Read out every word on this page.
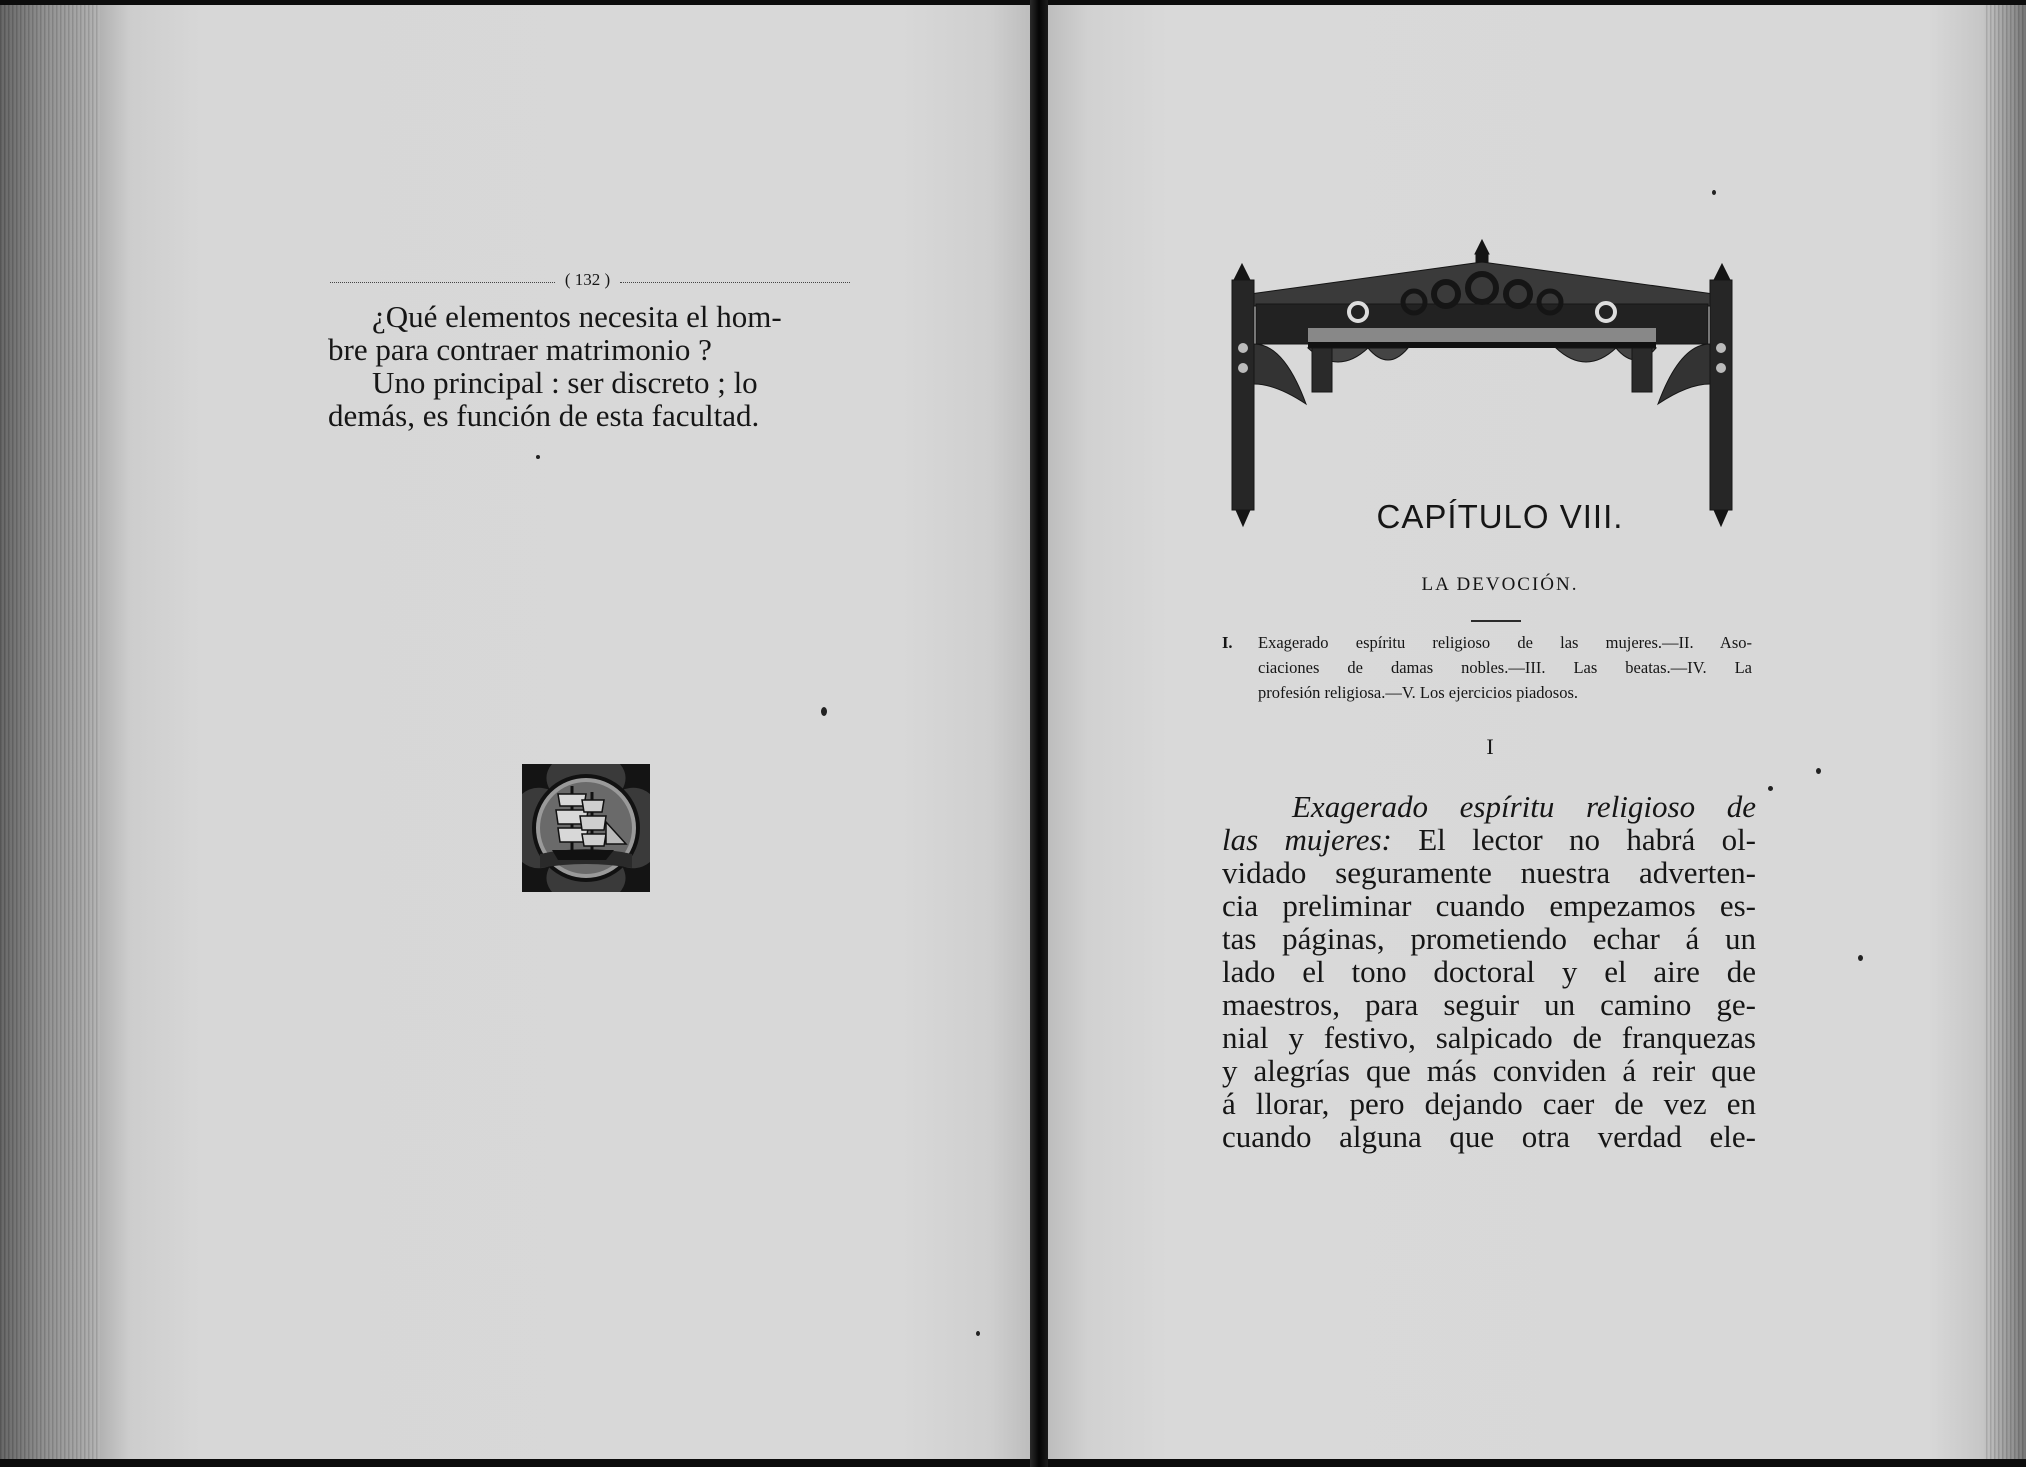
( 132 )

¿Qué elementos necesita el hom-

bre para contraer matrimonio ?

Uno principal : ser discreto ; lo

demás, es función de esta facultad.

CAPÍTULO VIII.
LA DEVOCIÓN.
I.	Exagerado espíritu religioso de las mujeres.—II. Aso-
ciaciones de damas nobles.—III. Las beatas.—IV. La
profesión religiosa.—V. Los ejercicios piadosos.
I
Exagerado espíritu religioso de
las mujeres: El lector no habrá ol-
vidado seguramente nuestra adverten-
cia preliminar cuando empezamos es-
tas páginas, prometiendo echar á un
lado el tono doctoral y el aire de
maestros, para seguir un camino ge-
nial y festivo, salpicado de franquezas
y alegrías que más conviden á reir que
á llorar, pero dejando caer de vez en
cuando alguna que otra verdad ele-
